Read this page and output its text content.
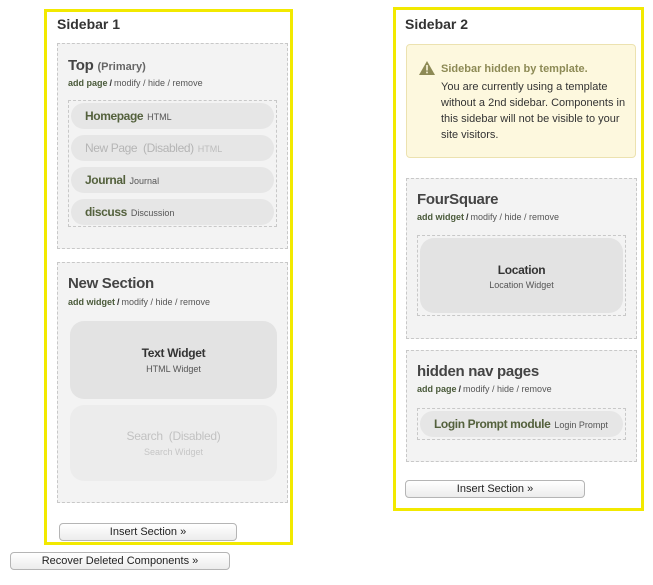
Sidebar 1
Top (Primary)
add page / modify / hide / remove
Homepage HTML
New Page  (Disabled) HTML
Journal Journal
discuss Discussion
New Section
add widget / modify / hide / remove
Text Widget
HTML Widget
Search  (Disabled)
Search Widget
Insert Section »
Sidebar 2
Sidebar hidden by template.
You are currently using a template without a 2nd sidebar. Components in this sidebar will not be visible to your site visitors.
FourSquare
add widget / modify / hide / remove
Location
Location Widget
hidden nav pages
add page / modify / hide / remove
Login Prompt module Login Prompt
Insert Section »
Recover Deleted Components »
